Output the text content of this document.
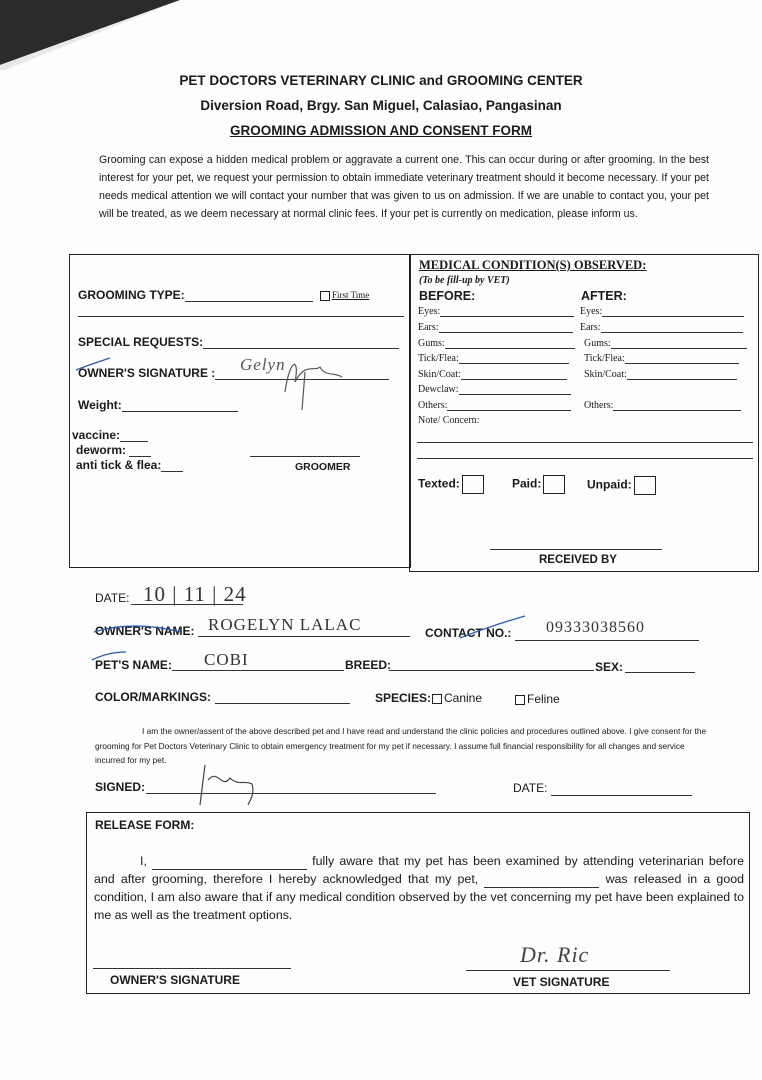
PET DOCTORS VETERINARY CLINIC and GROOMING CENTER
Diversion Road, Brgy. San Miguel, Calasiao, Pangasinan
GROOMING ADMISSION AND CONSENT FORM
Grooming can expose a hidden medical problem or aggravate a current one. This can occur during or after grooming. In the best interest for your pet, we request your permission to obtain immediate veterinary treatment should it become necessary. If your pet needs medical attention we will contact your number that was given to us on admission. If we are unable to contact you, your pet will be treated, as we deem necessary at normal clinic fees. If your pet is currently on medication, please inform us.
GROOMING TYPE:	First Time
SPECIAL REQUESTS:
OWNER'S SIGNATURE :	Gelyn
Weight:
vaccine:
deworm:
anti tick & flea:	GROOMER
MEDICAL CONDITION(S) OBSERVED:
(To be fill-up by VET)
BEFORE:	AFTER:
Eyes:	Eyes:
Ears:	Ears:
Gums:	Gums:
Tick/Flea:	Tick/Flea:
Skin/Coat:	Skin/Coat:
Dewclaw:
Others:	Others:
Note/ Concern:
Texted:	Paid:	Unpaid:
RECEIVED BY
DATE: 10 | 11 | 24
OWNER'S NAME: ROGELYN LALAC	CONTACT NO.: 09333038560
PET'S NAME: COBI	BREED:	SEX:
COLOR/MARKINGS:	SPECIES:	Canine	Feline
I am the owner/assent of the above described pet and I have read and understand the clinic policies and procedures outlined above. I give consent for the grooming for Pet Doctors Veterinary Clinic to obtain emergency treatment for my pet if necessary. I assume full financial responsibility for all changes and service incurred for my pet.
SIGNED:	DATE:
RELEASE FORM:
I,	fully aware that my pet has been examined by attending veterinarian before and after grooming, therefore I hereby acknowledged that my pet,	was released in a good condition, I am also aware that if any medical condition observed by the vet concerning my pet have been explained to me as well as the treatment options.
OWNER'S SIGNATURE
Dr. Ric
VET SIGNATURE
